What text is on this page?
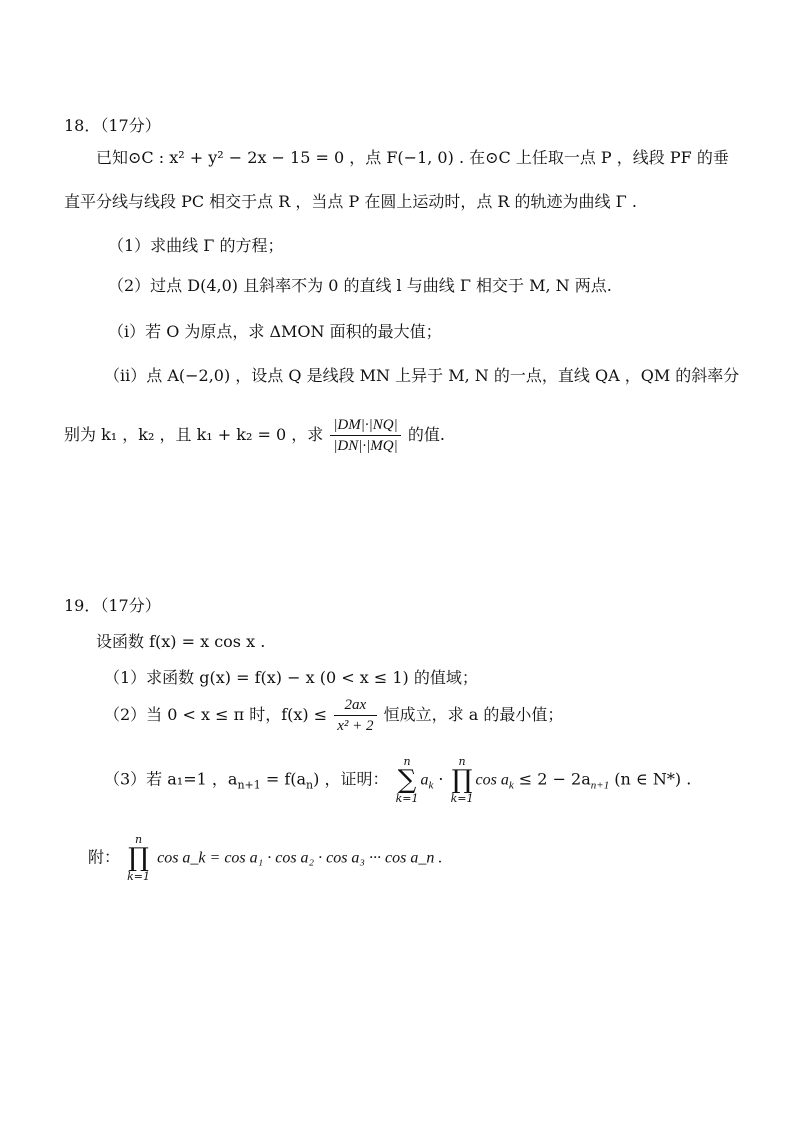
18．（17分）
已知⊙C : x² + y² − 2x − 15 = 0 ，点 F(−1, 0) . 在⊙C 上任取一点 P ，线段 PF 的垂
直平分线与线段 PC 相交于点 R ，当点 P 在圆上运动时，点 R 的轨迹为曲线 Γ .
（1）求曲线 Γ 的方程；
（2）过点 D(4,0) 且斜率不为 0 的直线 l 与曲线 Γ 相交于 M, N 两点.
（ⅰ）若 O 为原点，求 ΔMON 面积的最大值；
（ⅱ）点 A(−2,0) ，设点 Q 是线段 MN 上异于 M, N 的一点，直线 QA ，QM 的斜率分
别为 k₁ ，k₂ ，且 k₁ + k₂ = 0 ，求 $\frac{|DM|\cdot|NQ|}{|DN|\cdot|MQ|}$ 的值.
19．（17分）
设函数 f(x) = x cos x .
（1）求函数 g(x) = f(x) − x (0 < x ≤ 1) 的值域；
（2）当 0 < x ≤ π 时，$f(x) \le \frac{2ax}{\text{x² + 2}}$ 恒成立，求 a 的最小值；
（3）若 a₁=1 ，$a_{n+1} = f(a_n)$ ，证明：
n
∑
k=1
$a_k$ ·
n
∏
k=1
$\cos a_k \le 2 - 2a_{n+1}$ (n ∈ N*) .
附：
n
∏
k=1
cos a_k = cos a₁ · cos a₂ · cos a₃ ··· cos a_n .
